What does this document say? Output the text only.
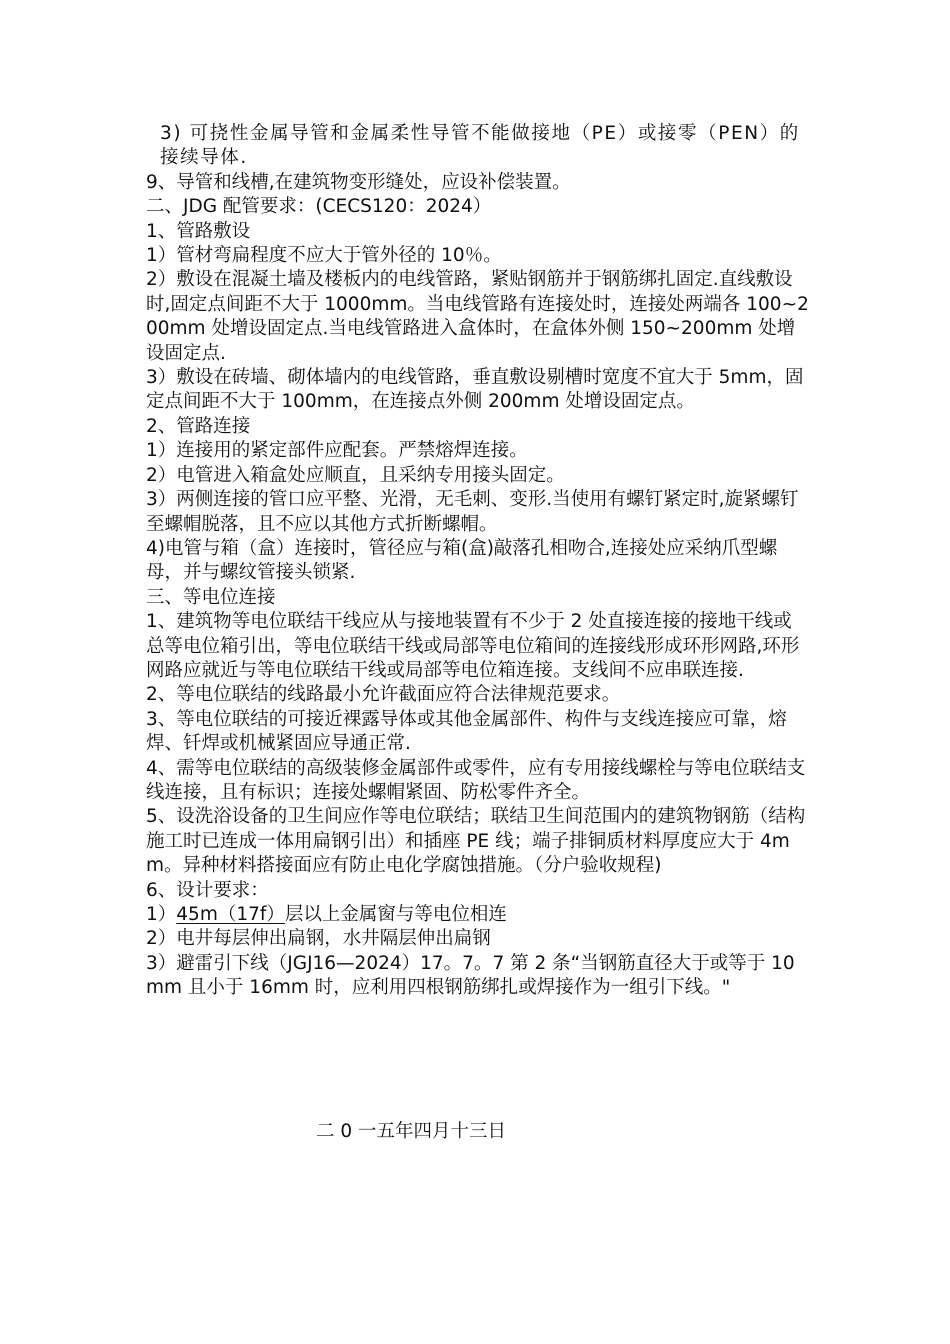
3) 可挠性金属导管和金属柔性导管不能做接地（PE）或接零（PEN）的接续导体.

9、导管和线槽,在建筑物变形缝处，应设补偿装置。

二、JDG 配管要求：(CECS120：2024）

1、管路敷设

1）管材弯扁程度不应大于管外径的 10％。

2）敷设在混凝土墙及楼板内的电线管路，紧贴钢筋并于钢筋绑扎固定.直线敷设时,固定点间距不大于 1000mm。当电线管路有连接处时，连接处两端各 100~200mm 处增设固定点.当电线管路进入盒体时，在盒体外侧 150~200mm 处增设固定点.

3）敷设在砖墙、砌体墙内的电线管路，垂直敷设剔槽时宽度不宜大于 5mm，固定点间距不大于 100mm，在连接点外侧 200mm 处增设固定点。

2、管路连接

1）连接用的紧定部件应配套。严禁熔焊连接。

2）电管进入箱盒处应顺直，且采纳专用接头固定。

3）两侧连接的管口应平整、光滑，无毛刺、变形.当使用有螺钉紧定时,旋紧螺钉至螺帽脱落，且不应以其他方式折断螺帽。

4)电管与箱（盒）连接时，管径应与箱(盒)敲落孔相吻合,连接处应采纳爪型螺母，并与螺纹管接头锁紧.

三、等电位连接

1、建筑物等电位联结干线应从与接地装置有不少于 2 处直接连接的接地干线或总等电位箱引出，等电位联结干线或局部等电位箱间的连接线形成环形网路,环形网路应就近与等电位联结干线或局部等电位箱连接。支线间不应串联连接.

2、等电位联结的线路最小允许截面应符合法律规范要求。

3、等电位联结的可接近裸露导体或其他金属部件、构件与支线连接应可靠，熔焊、钎焊或机械紧固应导通正常.

4、需等电位联结的高级装修金属部件或零件，应有专用接线螺栓与等电位联结支线连接，且有标识；连接处螺帽紧固、防松零件齐全。

5、设洗浴设备的卫生间应作等电位联结；联结卫生间范围内的建筑物钢筋（结构施工时已连成一体用扁钢引出）和插座 PE 线；端子排铜质材料厚度应大于 4mm。异种材料搭接面应有防止电化学腐蚀措施。（分户验收规程)

6、设计要求：

1）45m（17f）层以上金属窗与等电位相连

2）电井每层伸出扁钢，水井隔层伸出扁钢

3）避雷引下线（JGJ16—2024）17。7。7 第 2 条“当钢筋直径大于或等于 10mm 且小于 16mm 时，应利用四根钢筋绑扎或焊接作为一组引下线。"

二 0 一五年四月十三日
